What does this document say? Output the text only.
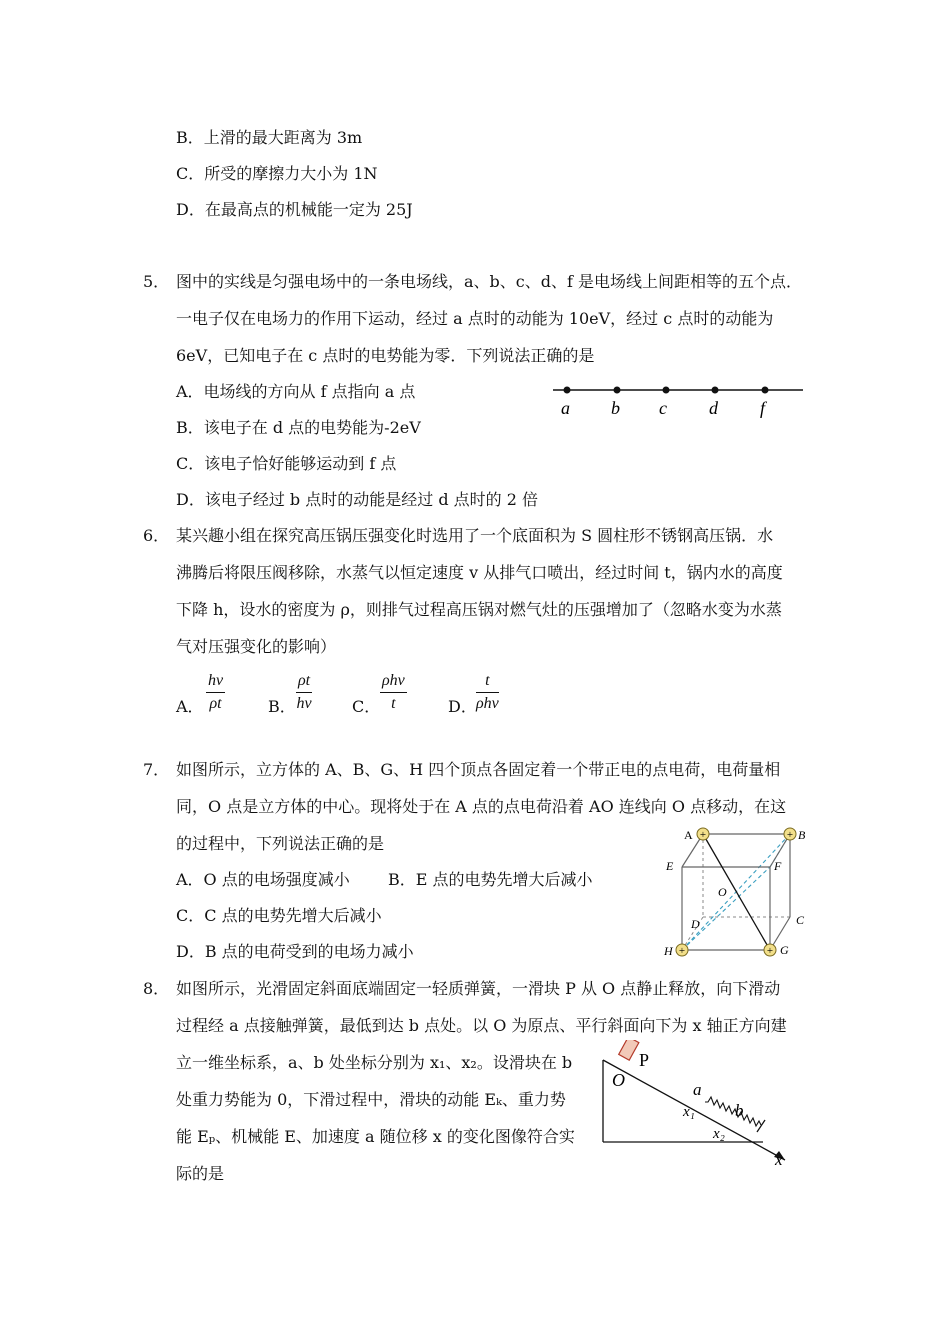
B．上滑的最大距离为 3m
C．所受的摩擦力大小为 1N
D．在最高点的机械能一定为 25J
5． 图中的实线是匀强电场中的一条电场线，a、b、c、d、f 是电场线上间距相等的五个点．
一电子仅在电场力的作用下运动，经过 a 点时的动能为 10eV，经过 c 点时的动能为
6eV，已知电子在 c 点时的电势能为零．下列说法正确的是
A．电场线的方向从 f 点指向 a 点
B．该电子在 d 点的电势能为-2eV
C．该电子恰好能够运动到 f 点
D．该电子经过 b 点时的动能是经过 d 点时的 2 倍
a b c d f
6． 某兴趣小组在探究高压锅压强变化时选用了一个底面积为 S 圆柱形不锈钢高压锅．水
沸腾后将限压阀移除，水蒸气以恒定速度 v 从排气口喷出，经过时间 t，锅内水的高度
下降 h，设水的密度为 ρ，则排气过程高压锅对燃气灶的压强增加了（忽略水变为水蒸
气对压强变化的影响）
A． $\frac{hv}{\rho t}$	B． $\frac{\rho t}{hv}$ C．
ρhv
t	D．
t
ρhv
7． 如图所示，立方体的 A、B、G、H 四个顶点各固定着一个带正电的点电荷，电荷量相
同，O 点是立方体的中心。现将处于在 A 点的点电荷沿着 AO 连线向 O 点移动，在这
的过程中，下列说法正确的是
A．O 点的电场强度减小 B．E 点的电势先增大后减小
C．C 点的电势先增大后减小
D．B 点的电荷受到的电场力减小
+	+
+	+
A	B
C
D
E	F
G
H
O
8． 如图所示，光滑固定斜面底端固定一轻质弹簧，一滑块 P 从 O 点静止释放，向下滑动
过程经 a 点接触弹簧，最低到达 b 点处。以 O 为原点、平行斜面向下为 x 轴正方向建
立一维坐标系，a、b 处坐标分别为 x₁、x₂。设滑块在 b
处重力势能为 0，下滑过程中，滑块的动能 Eₖ、重力势
能 Eₚ、机械能 E、加速度 a 随位移 x 的变化图像符合实
际的是
P
O	a
b
x₁
x₂
x
